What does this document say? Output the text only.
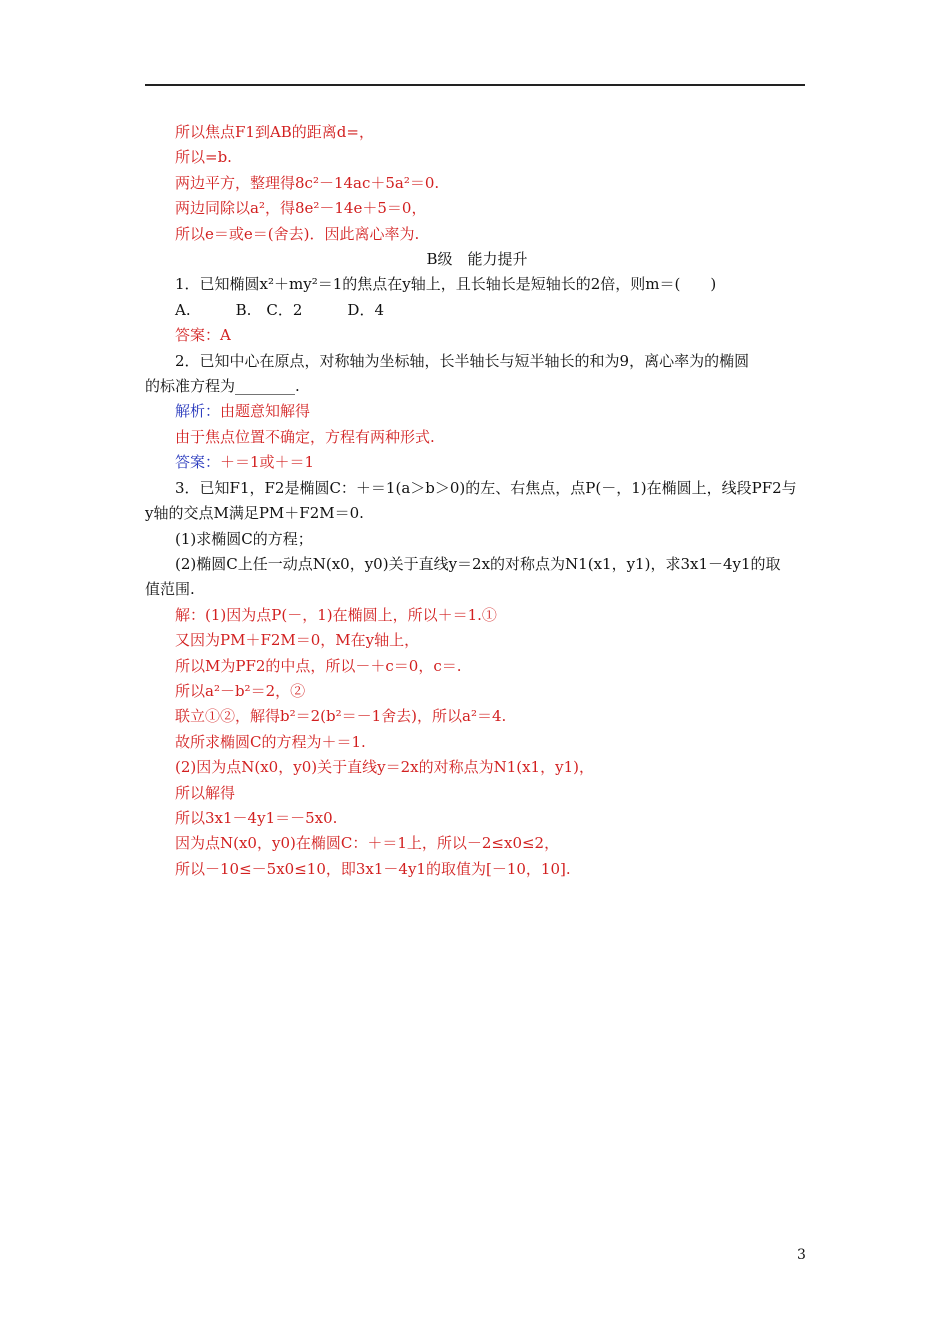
所以焦点F1到AB的距离d=，

所以=b.

两边平方，整理得8c²－14ac＋5a²＝0.

两边同除以a²，得8e²－14e＋5＝0，

所以e＝或e＝(舍去)．因此离心率为.

B级　能力提升

1．已知椭圆x²＋my²＝1的焦点在y轴上，且长轴长是短轴长的2倍，则m＝(　　)

A.　　　B.　C．2　　　D．4

答案：A

2．已知中心在原点，对称轴为坐标轴，长半轴长与短半轴长的和为9，离心率为的椭圆

的标准方程为________.

解析：由题意知解得

由于焦点位置不确定，方程有两种形式.

答案：＋＝1或＋＝1

3．已知F1，F2是椭圆C：＋＝1(a＞b＞0)的左、右焦点，点P(－，1)在椭圆上，线段PF2与

y轴的交点M满足PM＋F2M＝0.

(1)求椭圆C的方程；

(2)椭圆C上任一动点N(x0，y0)关于直线y＝2x的对称点为N1(x1，y1)，求3x1－4y1的取

值范围.

解：(1)因为点P(－，1)在椭圆上，所以＋＝1.①

又因为PM＋F2M＝0，M在y轴上，

所以M为PF2的中点，所以－＋c＝0，c＝.

所以a²－b²＝2，②

联立①②，解得b²＝2(b²＝－1舍去)，所以a²＝4.

故所求椭圆C的方程为＋＝1.

(2)因为点N(x0，y0)关于直线y＝2x的对称点为N1(x1，y1)，

所以解得

所以3x1－4y1＝－5x0.

因为点N(x0，y0)在椭圆C：＋＝1上，所以－2≤x0≤2，

所以－10≤－5x0≤10，即3x1－4y1的取值为[－10，10].

3
